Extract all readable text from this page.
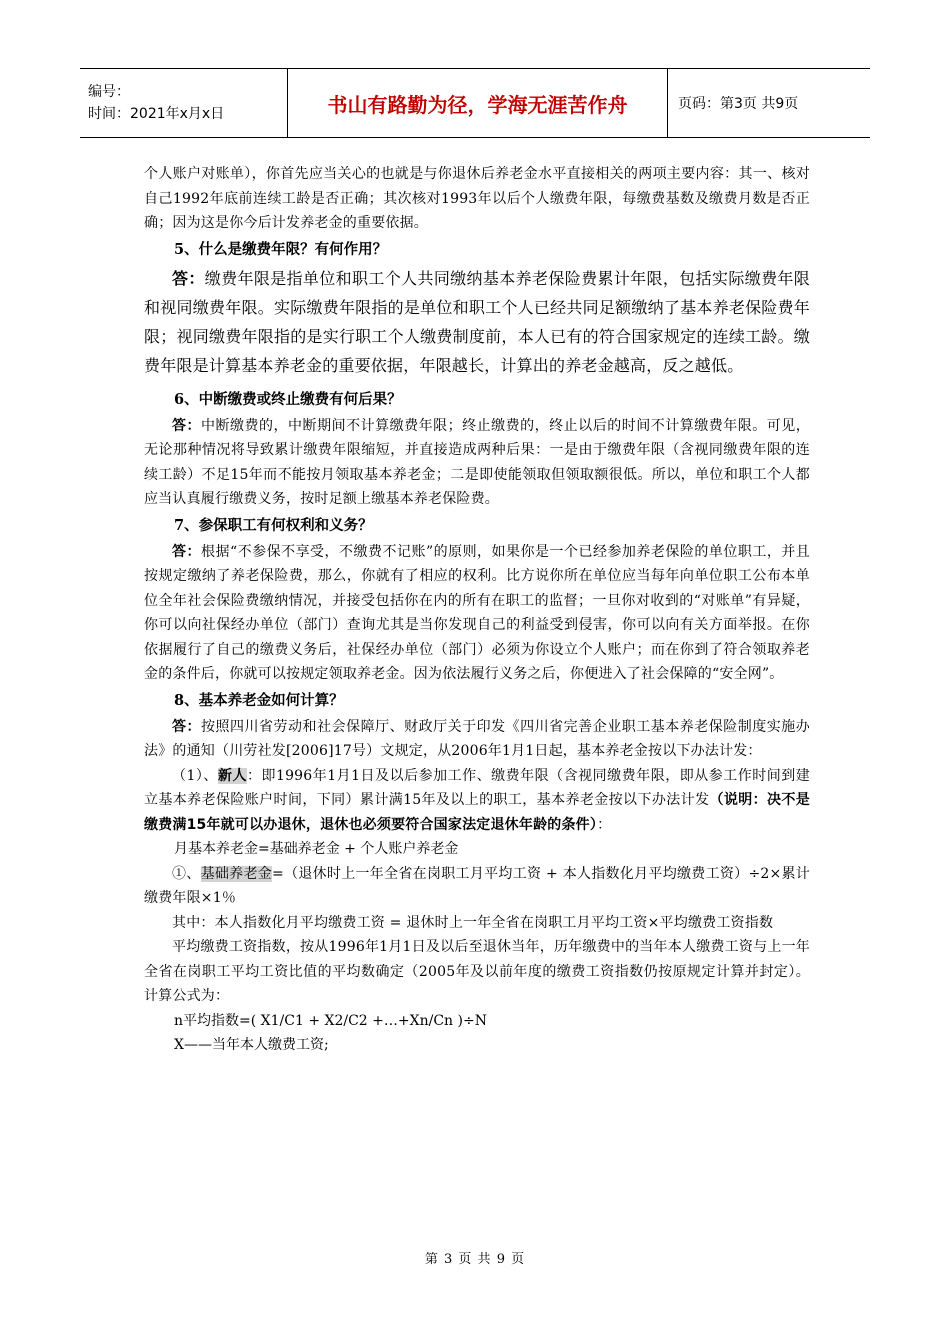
编号：
时间：2021年x月x日	书山有路勤为径，学海无涯苦作舟	页码：第3页 共9页

个人账户对账单），你首先应当关心的也就是与你退休后养老金水平直接相关的两项主要内容：其一、核对自己1992年底前连续工龄是否正确；其次核对1993年以后个人缴费年限，每缴费基数及缴费月数是否正确；因为这是你今后计发养老金的重要依据。

5、什么是缴费年限？有何作用？

答：缴费年限是指单位和职工个人共同缴纳基本养老保险费累计年限，包括实际缴费年限和视同缴费年限。实际缴费年限指的是单位和职工个人已经共同足额缴纳了基本养老保险费年限；视同缴费年限指的是实行职工个人缴费制度前，本人已有的符合国家规定的连续工龄。缴费年限是计算基本养老金的重要依据，年限越长，计算出的养老金越高，反之越低。

6、中断缴费或终止缴费有何后果？

答：中断缴费的，中断期间不计算缴费年限；终止缴费的，终止以后的时间不计算缴费年限。可见，无论那种情况将导致累计缴费年限缩短，并直接造成两种后果：一是由于缴费年限（含视同缴费年限的连续工龄）不足15年而不能按月领取基本养老金；二是即使能领取但领取额很低。所以，单位和职工个人都应当认真履行缴费义务，按时足额上缴基本养老保险费。

7、参保职工有何权利和义务？

答：根据“不参保不享受，不缴费不记账”的原则，如果你是一个已经参加养老保险的单位职工，并且按规定缴纳了养老保险费，那么，你就有了相应的权利。比方说你所在单位应当每年向单位职工公布本单位全年社会保险费缴纳情况，并接受包括你在内的所有在职工的监督；一旦你对收到的“对账单”有异疑，你可以向社保经办单位（部门）查询尤其是当你发现自己的利益受到侵害，你可以向有关方面举报。在你依据履行了自己的缴费义务后，社保经办单位（部门）必须为你设立个人账户；而在你到了符合领取养老金的条件后，你就可以按规定领取养老金。因为依法履行义务之后，你便进入了社会保障的“安全网”。

8、基本养老金如何计算？

答：按照四川省劳动和社会保障厅、财政厅关于印发《四川省完善企业职工基本养老保险制度实施办法》的通知（川劳社发[2006]17号）文规定，从2006年1月1日起，基本养老金按以下办法计发：

（1）、新人：即1996年1月1日及以后参加工作、缴费年限（含视同缴费年限，即从参工作时间到建立基本养老保险账户时间，下同）累计满15年及以上的职工，基本养老金按以下办法计发（说明：决不是缴费满15年就可以办退休，退休也必须要符合国家法定退休年龄的条件）：

月基本养老金=基础养老金 + 个人账户养老金

①、基础养老金=（退休时上一年全省在岗职工月平均工资 + 本人指数化月平均缴费工资）÷2×累计缴费年限×1％

其中：本人指数化月平均缴费工资 = 退休时上一年全省在岗职工月平均工资×平均缴费工资指数

平均缴费工资指数，按从1996年1月1日及以后至退休当年，历年缴费中的当年本人缴费工资与上一年全省在岗职工平均工资比值的平均数确定（2005年及以前年度的缴费工资指数仍按原规定计算并封定）。计算公式为：

n平均指数=( X1/C1 + X2/C2 +…+Xn/Cn )÷N

X——当年本人缴费工资;

第 3 页 共 9 页
